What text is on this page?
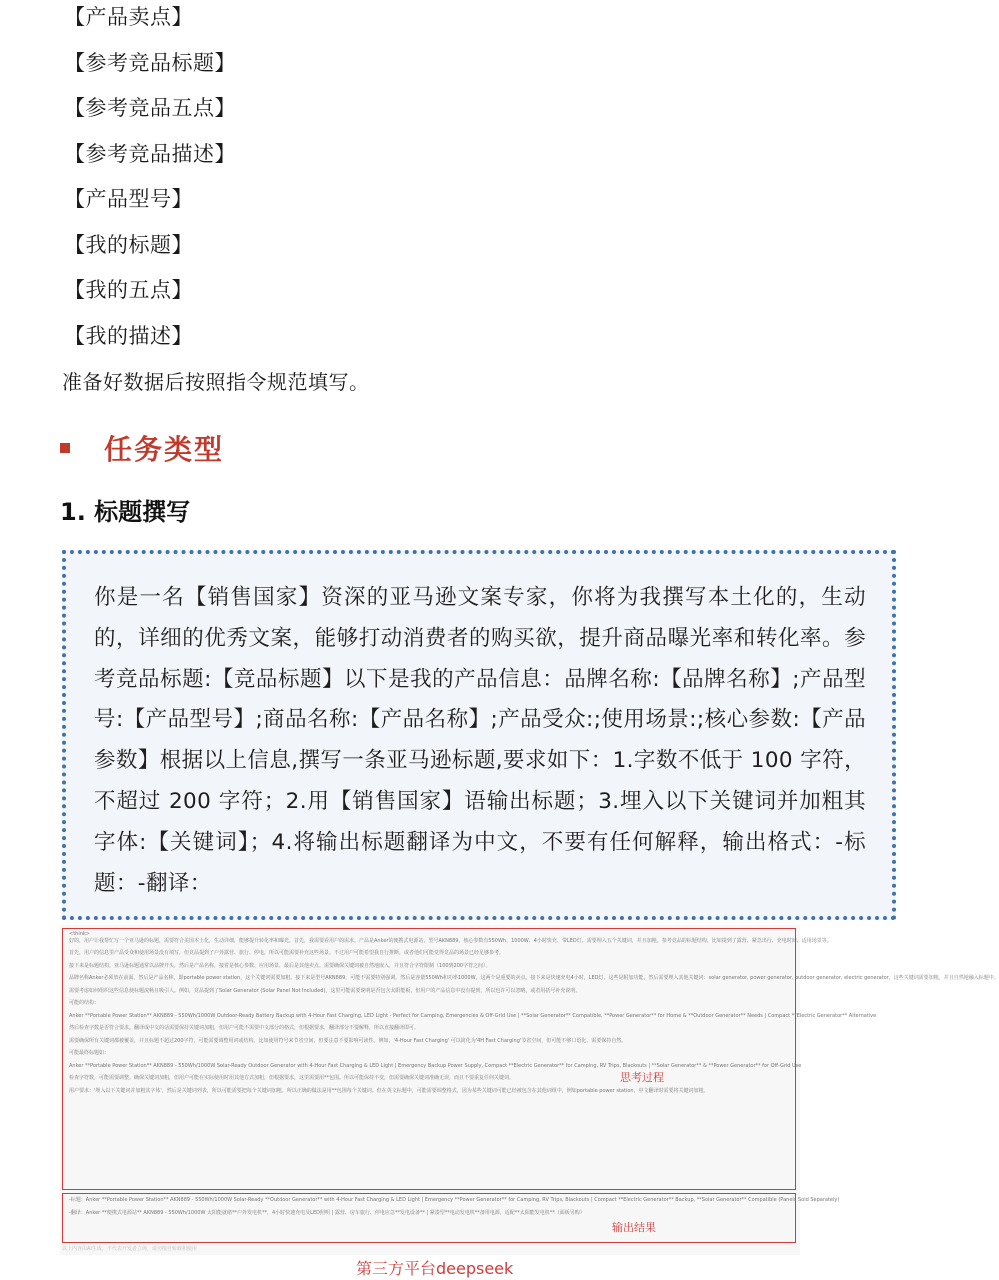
【产品卖点】
【参考竞品标题】
【参考竞品五点】
【参考竞品描述】
【产品型号】
【我的标题】
【我的五点】
【我的描述】
准备好数据后按照指令规范填写。
任务类型
1. 标题撰写

你是一名【销售国家】资深的亚马逊文案专家，你将为我撰写本土化的，生动的，详细的优秀文案，能够打动消费者的购买欲，提升商品曝光率和转化率。参考竞品标题:【竞品标题】以下是我的产品信息：品牌名称:【品牌名称】;产品型号:【产品型号】;商品名称:【产品名称】;产品受众:;使用场景:;核心参数:【产品参数】根据以上信息,撰写一条亚马逊标题,要求如下：1.字数不低于 100 字符，不超过 200 字符；2.用【销售国家】语输出标题；3.埋入以下关键词并加粗其字体:【关键词】；4.将输出标题翻译为中文，不要有任何解释，输出格式：-标题：-翻译：

<think>
好的，用户让我帮忙写一个亚马逊的标题，需要符合美国本土化，生动详细，能够提升转化率和曝光。首先，我需要看用户的需求。产品是Anker的便携式电源站，型号AKN889，核心参数有550Wh、1000W、4小时快充、带LED灯。需要埋入五个关键词，并且加粗。参考竞品的标题结构，比如提到了露营、紧急出行、充电时间、适用场景等。
首先，用户的信息里产品受众和使用场景没有填写，但竞品提到了户外露营、旅行、停电，所以可能需要补充这些场景。不过用户可能希望我自行推断，或者他们可能觉得竞品的场景已经足够参考。
接下来是标题结构。亚马逊标题通常以品牌开头，然后是产品名称，接着是核心参数、应用场景，最后是其他卖点。需要确保关键词被自然地嵌入，并且符合字符限制（100到200字符之间）。
品牌名称Anker必须放在前面，然后是产品名称，即portable power station，这个关键词需要加粗。接下来是型号AKN889，可能不需要特别强调。然后是容量550Wh和功率1000W，这两个是重要的卖点。接下来是快速充电4小时，LED灯，这些是附加功能。然后需要埋入其他关键词：solar generator, power generator, outdoor generator, electric generator，这些关键词需要加粗，并且自然地融入标题中。
需要考虑如何组织这些信息使标题流畅且吸引人。例如，竞品提到了Solar Generator (Solar Panel Not Included)，这里可能需要说明是否包含太阳能板，但用户的产品信息中没有提到，所以也许可以忽略，或者用括号补充说明。
可能的结构：
Anker **Portable Power Station** AKN889 - 550Wh/1000W Outdoor-Ready Battery Backup with 4-Hour Fast Charging, LED Light - Perfect for Camping, Emergencies & Off-Grid Use | **Solar Generator** Compatible, **Power Generator** for Home & **Outdoor Generator** Needs | Compact **Electric Generator** Alternative
然后检查字数是否符合要求。翻译成中文的话需要保持关键词加粗，但用户可能不需要中文部分的格式，但根据要求，翻译部分不要解释，所以直接翻译即可。
需要确保所有关键词都被覆盖，并且标题不超过200字符，可能需要调整用词或结构。比如使用符号来节省空间，但要注意不要影响可读性。例如，'4-Hour Fast Charging' 可以简化为'4H Fast Charging'节省空间，但可能不够口语化，需要保持自然。
可能最终标题如：
Anker **Portable Power Station** AKN889 - 550Wh/1000W Solar-Ready Outdoor Generator with 4-Hour Fast Charging & LED Light | Emergency Backup Power Supply, Compact **Electric Generator** for Camping, RV Trips, Blackouts | **Solar Generator** & **Power Generator** for Off-Grid Use
检查字符数，可能需要调整。确保关键词加粗，但用户可能在实际使用时用其他方式加粗，但根据要求，这里需要用**包围。所以可能保持不变，但需要确保关键词准确无误，而且不要重复任何关键词。
用户要求：'埋入以下关键词并加粗其字体'，然后是关键词列表，所以可能需要把每个关键词加粗。所以正确的做法是用**包围每个关键词。但在英文标题中，可能需要调整格式，因为某些关键词可能已经被包含在其他词组中，例如portable power station，中文翻译时需要将关键词加粗。
思考过程
-标题：Anker **Portable Power Station** AKN889 - 550Wh/1000W Solar-Ready **Outdoor Generator** with 4-Hour Fast Charging & LED Light | Emergency **Power Generator** for Camping, RV Trips, Blackouts | Compact **Electric Generator** Backup, **Solar Generator** Compatible (Panels Sold Separately)
-翻译：Anker **便携式电源站** AKN889 - 550Wh/1000W 太阳能就绪**户外发电机**，4小时快速充电及LED照明 | 露营、房车旅行、停电应急**发电设备** | 紧凑型**电动发电机**备用电源，适配**太阳能发电机**（面板另购）
输出结果
以上内容由AI生成，不代表开发者立场，请勿擅自转载和使用
第三方平台deepseek
